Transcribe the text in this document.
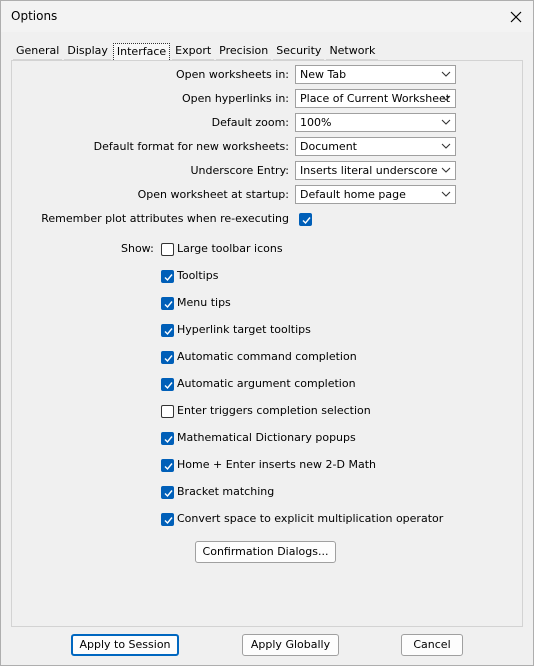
Options
General Display Interface Export Precision Security Network
Open worksheets in:	New Tab
Open hyperlinks in:	Place of Current Worksheet
Default zoom:	100%
Default format for new worksheets:	Document
Underscore Entry:	Inserts literal underscore
Open worksheet at startup:	Default home page
Remember plot attributes when re-executing
Show: Large toolbar icons
Tooltips
Menu tips
Hyperlink target tooltips
Automatic command completion
Automatic argument completion
Enter triggers completion selection
Mathematical Dictionary popups
Home + Enter inserts new 2-D Math
Bracket matching
Convert space to explicit multiplication operator
Confirmation Dialogs...
Apply to Session	Apply Globally	Cancel
